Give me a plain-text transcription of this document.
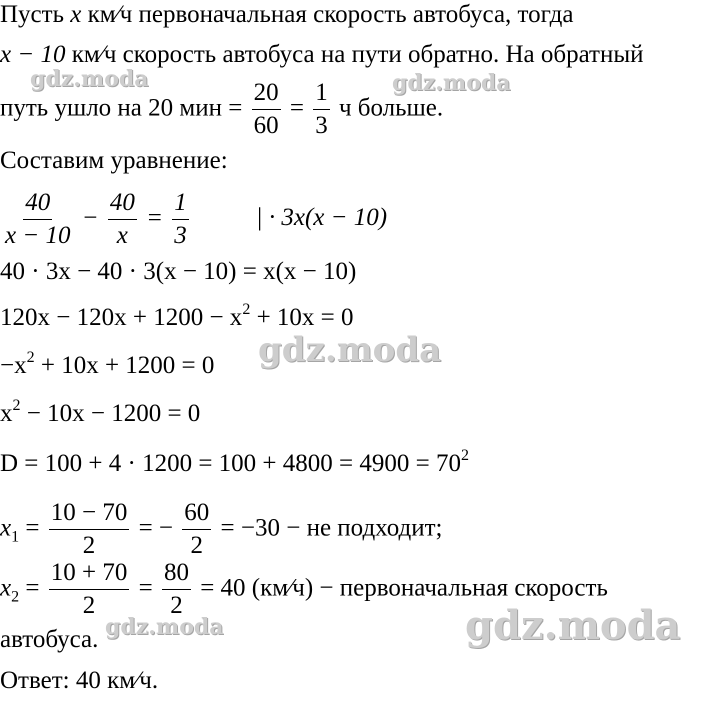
Пусть x км⁄ч первоначальная скорость автобуса, тогда
x − 10 км⁄ч скорость автобуса на пути обратно. На обратный
путь ушло на 20 мин = $\frac{20}{60} = \frac{1}{3}$ ч больше.
Составим уравнение:
$\frac{40}{x - 10} - \frac{40}{x} = \frac{1}{3}$	| · 3x(x − 10)
40 · 3x − 40 · 3(x − 10) = x(x − 10)
$120x - 120x + 1200 - x^2 + 10x = 0$
$-x^2 + 10x + 1200 = 0$
$x^2 - 10x - 1200 = 0$
$D = 100 + 4 \cdot 1200 = 100 + 4800 = 4900 = 70^2$
$x_1 = \frac{10 - 70}{2}$ = − $\frac{60}{2} = -30$ − не подходит;
$x_2 = \frac{10 + 70}{2} = \frac{80}{2} = 40$ (км⁄ч) − первоначальная скорость
автобуса.
Ответ: 40 км⁄ч.
gdz.moda	gdz.moda
gdz.moda
gdz.moda	gdz.moda
